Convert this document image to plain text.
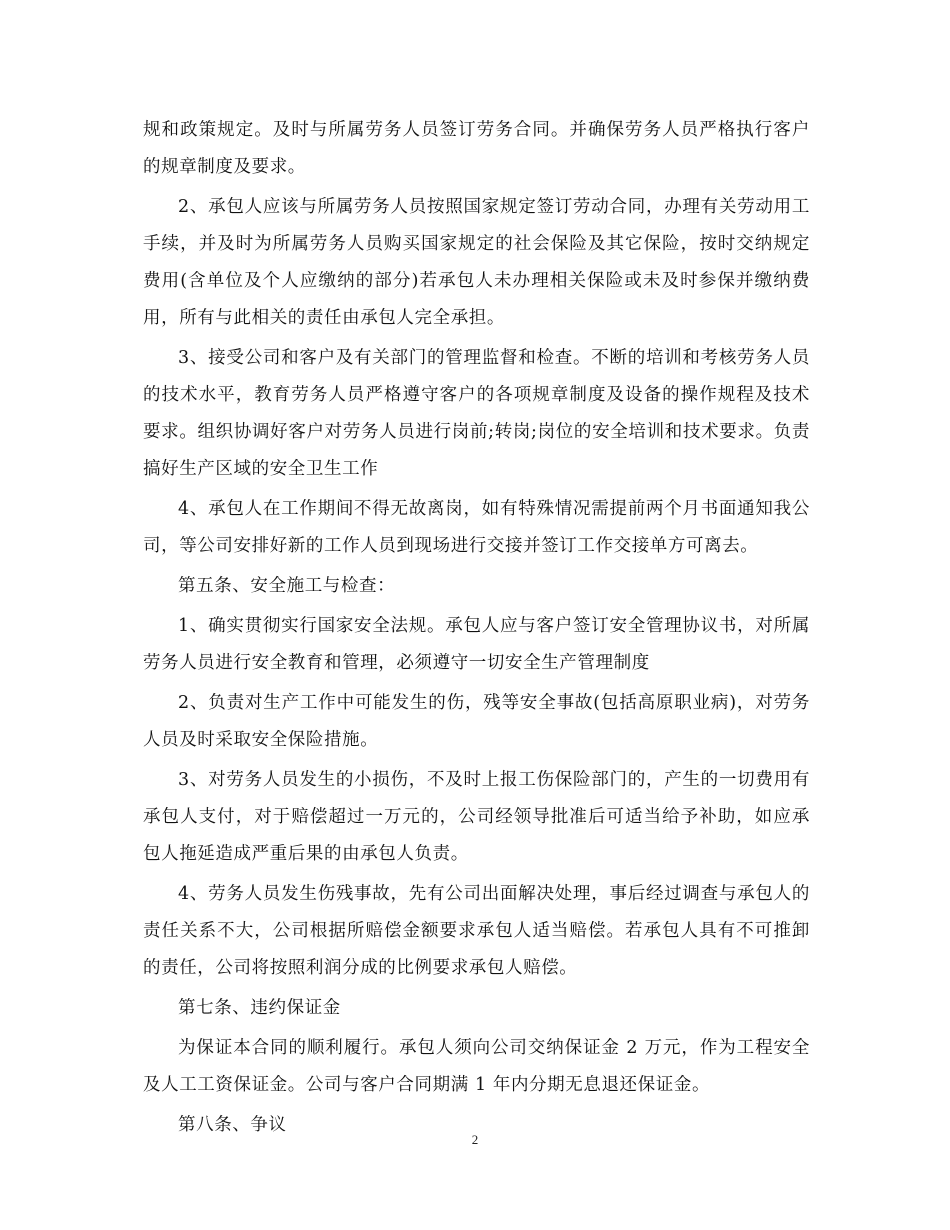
规和政策规定。及时与所属劳务人员签订劳务合同。并确保劳务人员严格执行客户的规章制度及要求。

2、承包人应该与所属劳务人员按照国家规定签订劳动合同，办理有关劳动用工手续，并及时为所属劳务人员购买国家规定的社会保险及其它保险，按时交纳规定费用(含单位及个人应缴纳的部分)若承包人未办理相关保险或未及时参保并缴纳费用，所有与此相关的责任由承包人完全承担。

3、接受公司和客户及有关部门的管理监督和检查。不断的培训和考核劳务人员的技术水平，教育劳务人员严格遵守客户的各项规章制度及设备的操作规程及技术要求。组织协调好客户对劳务人员进行岗前;转岗;岗位的安全培训和技术要求。负责搞好生产区域的安全卫生工作

4、承包人在工作期间不得无故离岗，如有特殊情况需提前两个月书面通知我公司，等公司安排好新的工作人员到现场进行交接并签订工作交接单方可离去。

第五条、安全施工与检查：

1、确实贯彻实行国家安全法规。承包人应与客户签订安全管理协议书，对所属劳务人员进行安全教育和管理，必须遵守一切安全生产管理制度

2、负责对生产工作中可能发生的伤，残等安全事故(包括高原职业病)，对劳务人员及时采取安全保险措施。

3、对劳务人员发生的小损伤，不及时上报工伤保险部门的，产生的一切费用有承包人支付，对于赔偿超过一万元的，公司经领导批准后可适当给予补助，如应承包人拖延造成严重后果的由承包人负责。

4、劳务人员发生伤残事故，先有公司出面解决处理，事后经过调查与承包人的责任关系不大，公司根据所赔偿金额要求承包人适当赔偿。若承包人具有不可推卸的责任，公司将按照利润分成的比例要求承包人赔偿。

第七条、违约保证金

为保证本合同的顺利履行。承包人须向公司交纳保证金 2 万元，作为工程安全及人工工资保证金。公司与客户合同期满 1 年内分期无息退还保证金。

第八条、争议

2
